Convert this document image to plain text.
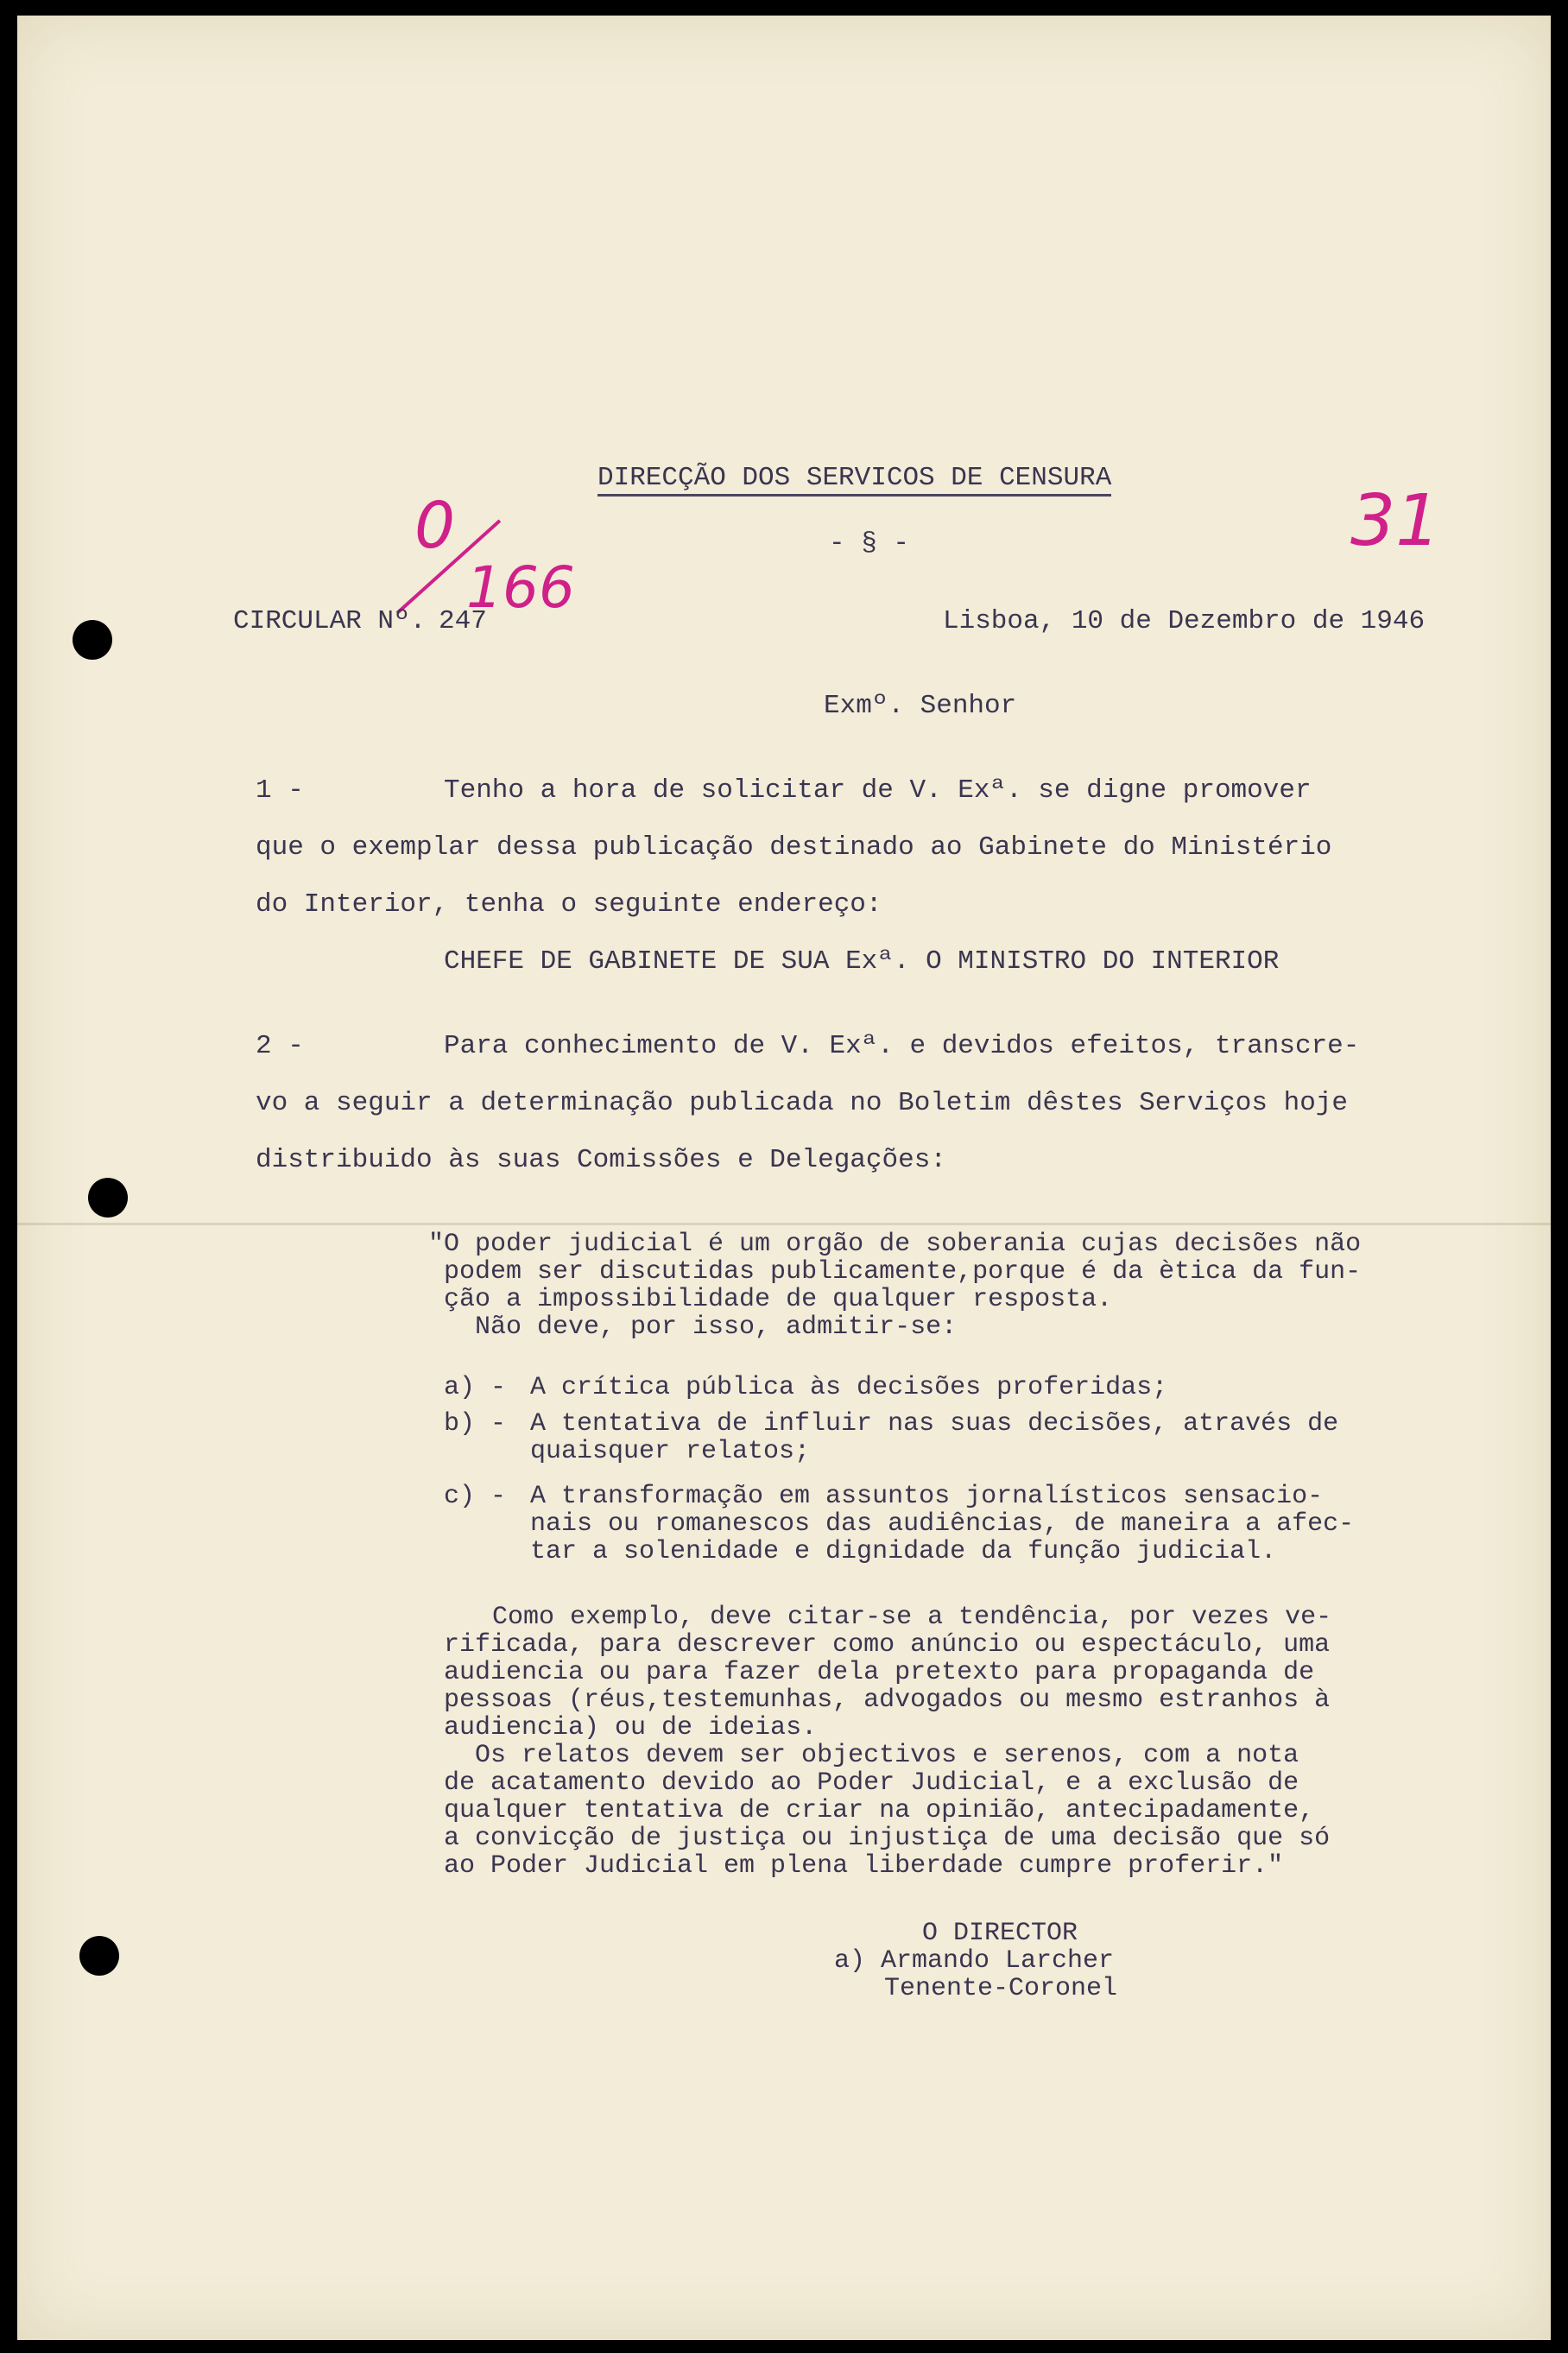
DIRECÇÃO DOS SERVICOS DE CENSURA
- § -
0
166
31
CIRCULAR Nº. 247	Lisboa, 10 de Dezembro de 1946
Exmº. Senhor
1 -	Tenho a hora de solicitar de V. Exª. se digne promover
que o exemplar dessa publicação destinado ao Gabinete do Ministério
do Interior, tenha o seguinte endereço:
CHEFE DE GABINETE DE SUA Exª. O MINISTRO DO INTERIOR
2 -	Para conhecimento de V. Exª. e devidos efeitos, transcre-
vo a seguir a determinação publicada no Boletim dêstes Serviços hoje
distribuido às suas Comissões e Delegações:
"O poder judicial é um orgão de soberania cujas decisões não
podem ser discutidas publicamente,porque é da ètica da fun-
ção a impossibilidade de qualquer resposta.
Não deve, por isso, admitir-se:
a) - A crítica pública às decisões proferidas;
b) - A tentativa de influir nas suas decisões, através de
quaisquer relatos;
c) - A transformação em assuntos jornalísticos sensacio-
nais ou romanescos das audiências, de maneira a afec-
tar a solenidade e dignidade da função judicial.
Como exemplo, deve citar-se a tendência, por vezes ve-
rificada, para descrever como anúncio ou espectáculo, uma
audiencia ou para fazer dela pretexto para propaganda de
pessoas (réus,testemunhas, advogados ou mesmo estranhos à
audiencia) ou de ideias.
Os relatos devem ser objectivos e serenos, com a nota
de acatamento devido ao Poder Judicial, e a exclusão de
qualquer tentativa de criar na opinião, antecipadamente,
a convicção de justiça ou injustiça de uma decisão que só
ao Poder Judicial em plena liberdade cumpre proferir."
O DIRECTOR
a) Armando Larcher
Tenente-Coronel
